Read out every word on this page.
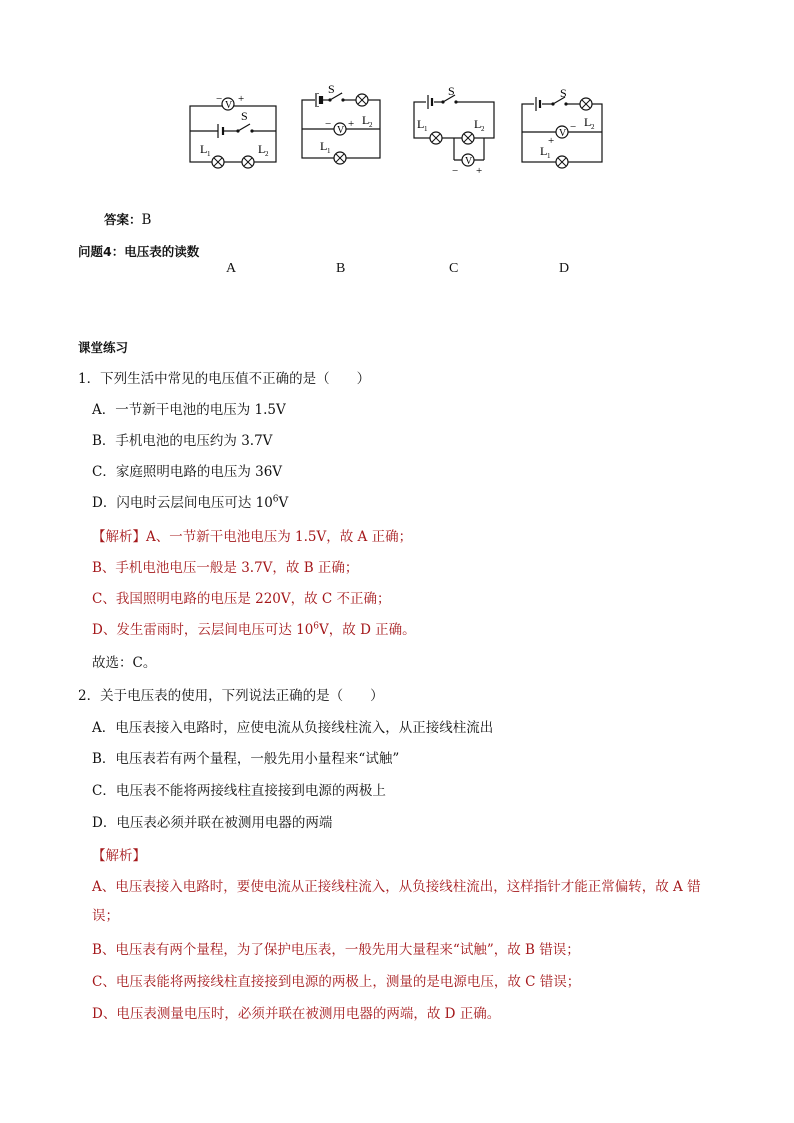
V
− +
S
L 1	L 2
S
V
− + L 2
L 1
S
V
− +
L 1	L 2
S
V
+
− L 2
L 1
A	B	C	D
答案：B
问题4：电压表的读数
课堂练习
1．下列生活中常见的电压值不正确的是（　　）
A．一节新干电池的电压为 1.5V
B．手机电池的电压约为 3.7V
C．家庭照明电路的电压为 36V
D．闪电时云层间电压可达 $10^6V$
【解析】A、一节新干电池电压为 1.5V，故 A 正确；
B、手机电池电压一般是 3.7V，故 B 正确；
C、我国照明电路的电压是 220V，故 C 不正确；
D、发生雷雨时，云层间电压可达 $10^6V$，故 D 正确。
故选：C。
2．关于电压表的使用，下列说法正确的是（　　）
A．电压表接入电路时，应使电流从负接线柱流入，从正接线柱流出
B．电压表若有两个量程，一般先用小量程来“试触”
C．电压表不能将两接线柱直接接到电源的两极上
D．电压表必须并联在被测用电器的两端
【解析】
A、电压表接入电路时，要使电流从正接线柱流入，从负接线柱流出，这样指针才能正常偏转，故 A 错
误；
B、电压表有两个量程，为了保护电压表，一般先用大量程来“试触”，故 B 错误；
C、电压表能将两接线柱直接接到电源的两极上，测量的是电源电压，故 C 错误；
D、电压表测量电压时，必须并联在被测用电器的两端，故 D 正确。
